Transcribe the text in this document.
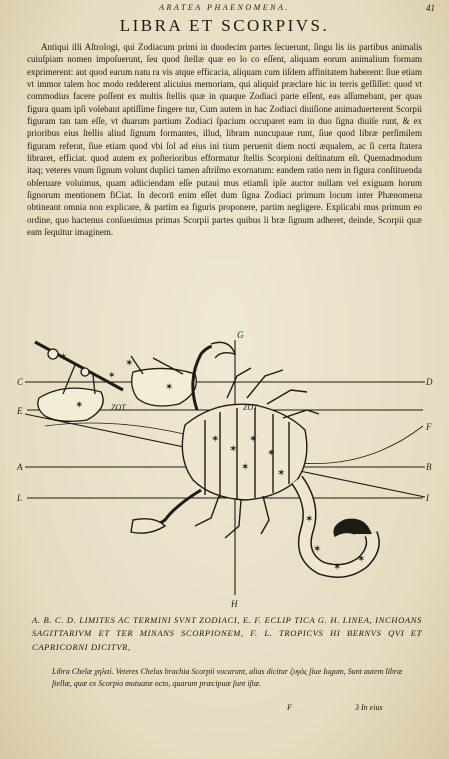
ARATEA PHAENOMENA.	41
LIBRA ET SCORPIVS.

Antiqui illi Aſtrologi, qui Zodiacum primi in duodecim partes ſecuerunt, ſingu lis iis partibus animalis cuiuſpiam nomen impoſuerunt, ſeu quod ſtellæ quæ eo lo co eſſent, aliquam eorum animalium formam exprimerent: aut quod earum natu ra vis atque efficacia, aliquam cum iiſdem affinitatem haberent: ſiue etiam vt immor talem hoc modo redderent alicuius memoriam, qui aliquid præclare hic in terris geſſiſſet: quod vt commodius facere poſſent ex multis ſtellis quæ in quaque Zodiaci parte eſſent, eas aſſumebant, per quas figura quam ipſi volebant aptiſſime fingere tur, Cum autem in hac Zodiaci diuiſione animaduerterent Scorpii figuram tan tam eſſe, vt duarum partium Zodiaci ſpacium occuparet eam in duo ſigna diuiſe runt, & ex prioribus eius ſtellis aliud ſignum formantes, illud, libram nuncupaue runt, ſiue quod libræ perſimilem figuram referat, ſiue etiam quod vbi ſol ad eius ini tium peruenit diem nocti æqualem, ac ſi certa ſtatera libraret, efficiat. quod autem ex poſterioribus efformatur ſtellis Scorpioni deſtinatum eſt. Quemadmodum itaq; veteres vnum ſignum volunt duplici tamen aſtriſmo exornatum: eandem ratio nem in figura conſtituenda obſeruare voluimus, quam adiiciendam eſſe putaui mus etiamſi ipſe auctor nullam vel exiguam horum ſignorum mentionem fiCiat. In decorū enim eſſet dum ſigna Zodiaci primum locum inter Phænomena obtineant omnia non explicare, & partim ea figuris proponere, partim negligere. Explicabi mus primum eo ordine, quo hactenus conſueuimus primas Scorpii partes quibus li bræ ſignum adheret, deinde, Scorpii quæ eam ſequitur imaginem.

✶
✶
✶
✶
✶
✶
✶
✶
✶
✶
✶
✶
✶
✶
✶
ZOT	ZOT
C
E
A
L
D
F
B
I
G
H
A. B. C. D. LIMITES AC TERMINI SVNT ZODIACI, E. F. ECLIP TICA G. H. LINEA, INCHOANS SAGITTARIVM ET TER MINANS SCORPIONEM, F. L. TROPICVS HI BERNVS QVI ET CAPRICORNI DICITVR,
Libra Chelæ χηλαί. Veteres Chelas brachia Scorpii vocarunt, alias dicitur ζυγὸς ſiue Iugum, Sunt autem libræ ſtellæ, quæ ex Scorpio mutuatæ octo, quarum præcipuæ ſunt iſtæ.
F	3 In eius
